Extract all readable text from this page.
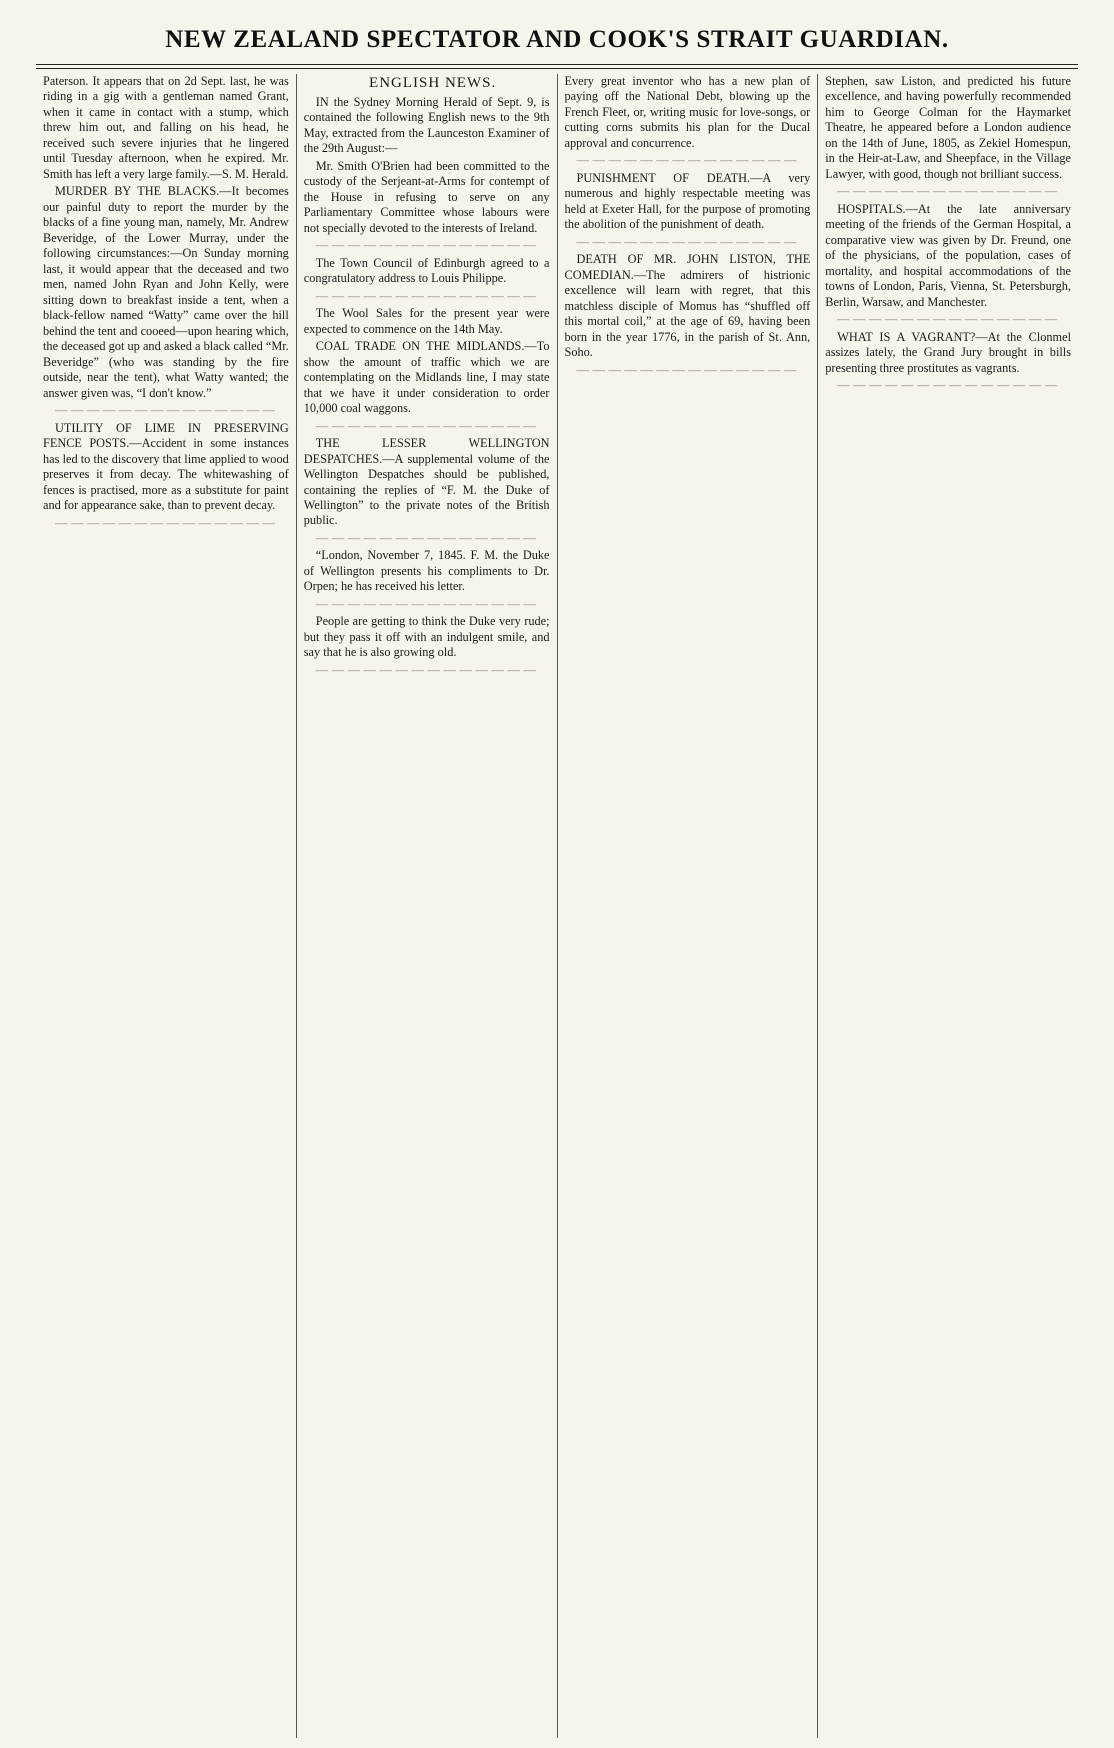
NEW ZEALAND SPECTATOR AND COOK'S STRAIT GUARDIAN.

Paterson. It appears that on 2d Sept. last, he was riding in a gig with a gentleman named Grant, when it came in contact with a stump, which threw him out, and falling on his head, he received such severe injuries that he lingered until Tuesday afternoon, when he expired. Mr. Smith has left a very large family.—S. M. Herald.

MURDER BY THE BLACKS.—It becomes our painful duty to report the murder by the blacks of a fine young man, namely, Mr. Andrew Beveridge, of the Lower Murray, under the following circumstances:—On Sunday morning last, it would appear that the deceased and two men, named John Ryan and John Kelly, were sitting down to breakfast inside a tent, when a black-fellow named “Watty” came over the hill behind the tent and cooeed—upon hearing which, the deceased got up and asked a black called “Mr. Beveridge” (who was standing by the fire outside, near the tent), what Watty wanted; the answer given was, “I don't know.”

— — — — — — — — — — — — — —

UTILITY OF LIME IN PRESERVING FENCE POSTS.—Accident in some instances has led to the discovery that lime applied to wood preserves it from decay. The whitewashing of fences is practised, more as a substitute for paint and for appearance sake, than to prevent decay.

— — — — — — — — — — — — — —

ENGLISH NEWS.

IN the Sydney Morning Herald of Sept. 9, is contained the following English news to the 9th May, extracted from the Launceston Examiner of the 29th August:—

Mr. Smith O'Brien had been committed to the custody of the Serjeant-at-Arms for contempt of the House in refusing to serve on any Parliamentary Committee whose labours were not specially devoted to the interests of Ireland.

— — — — — — — — — — — — — —

The Town Council of Edinburgh agreed to a congratulatory address to Louis Philippe.

— — — — — — — — — — — — — —

The Wool Sales for the present year were expected to commence on the 14th May.

COAL TRADE ON THE MIDLANDS.—To show the amount of traffic which we are contemplating on the Midlands line, I may state that we have it under consideration to order 10,000 coal waggons.

— — — — — — — — — — — — — —

THE LESSER WELLINGTON DESPATCHES.—A supplemental volume of the Wellington Despatches should be published, containing the replies of “F. M. the Duke of Wellington” to the private notes of the British public.

— — — — — — — — — — — — — —

“London, November 7, 1845. F. M. the Duke of Wellington presents his compliments to Dr. Orpen; he has received his letter.

— — — — — — — — — — — — — —

People are getting to think the Duke very rude; but they pass it off with an indulgent smile, and say that he is also growing old.

— — — — — — — — — — — — — —

Every great inventor who has a new plan of paying off the National Debt, blowing up the French Fleet, or, writing music for love-songs, or cutting corns submits his plan for the Ducal approval and concurrence.

— — — — — — — — — — — — — —

PUNISHMENT OF DEATH.—A very numerous and highly respectable meeting was held at Exeter Hall, for the purpose of promoting the abolition of the punishment of death.

— — — — — — — — — — — — — —

DEATH OF MR. JOHN LISTON, THE COMEDIAN.—The admirers of histrionic excellence will learn with regret, that this matchless disciple of Momus has “shuffled off this mortal coil,” at the age of 69, having been born in the year 1776, in the parish of St. Ann, Soho.

— — — — — — — — — — — — — —

Stephen, saw Liston, and predicted his future excellence, and having powerfully recommended him to George Colman for the Haymarket Theatre, he appeared before a London audience on the 14th of June, 1805, as Zekiel Homespun, in the Heir-at-Law, and Sheepface, in the Village Lawyer, with good, though not brilliant success.

— — — — — — — — — — — — — —

HOSPITALS.—At the late anniversary meeting of the friends of the German Hospital, a comparative view was given by Dr. Freund, one of the physicians, of the population, cases of mortality, and hospital accommodations of the towns of London, Paris, Vienna, St. Petersburgh, Berlin, Warsaw, and Manchester.

— — — — — — — — — — — — — —

WHAT IS A VAGRANT?—At the Clonmel assizes lately, the Grand Jury brought in bills presenting three prostitutes as vagrants.

— — — — — — — — — — — — — —
